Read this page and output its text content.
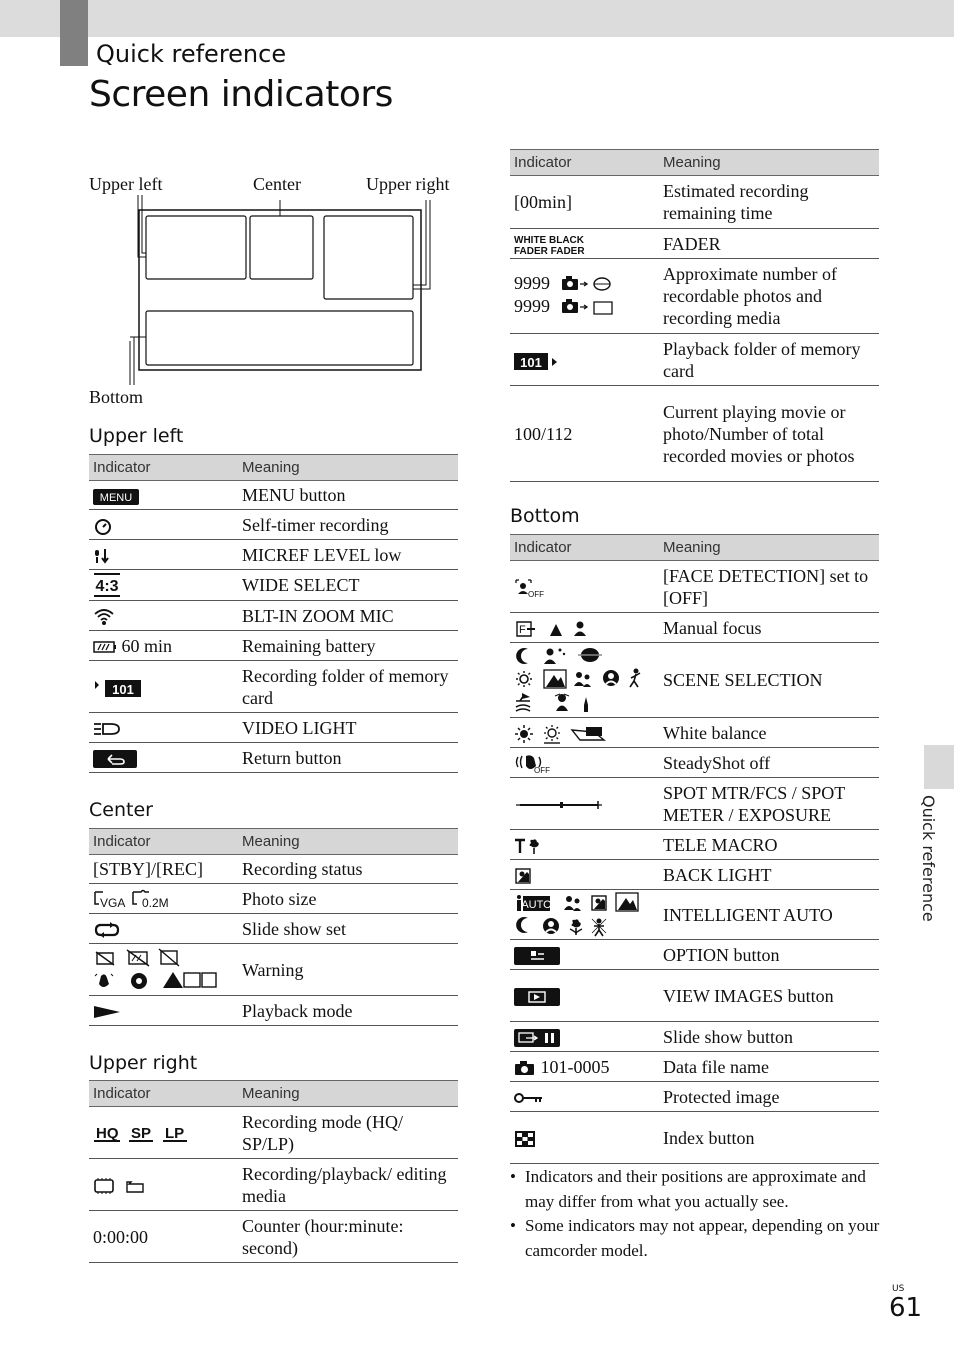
Quick reference
Screen indicators
Quick reference
US
61
Upper left	Center	Upper right
Bottom
Upper left
Indicator	Meaning

MENU	MENU button

	Self-timer recording

	MICREF LEVEL low

4:3	WIDE SELECT

	BLT-IN ZOOM MIC

60 min	Remaining battery

101	Recording folder of memory card

	VIDEO LIGHT

	Return button
Center
Indicator	Meaning
[STBY]/[REC]	Recording status

VGA 0.2M	Photo size

	Slide show set

	Warning

	Playback mode
Upper right
Indicator	Meaning

HQ SP LP	Recording mode (HQ/ SP/LP)

	Recording/playback/ editing media
0:00:00	Counter (hour:minute: second)
Indicator	Meaning
[00min]	Estimated recording remaining time

WHITE BLACK
FADER FADER	FADER

9999
9999	Approximate number of recordable photos and recording media

101	Playback folder of memory card
100/112	Current playing movie or photo/Number of total recorded movies or photos
Bottom
Indicator	Meaning

OFF	[FACE DETECTION] set to [OFF]

F	Manual focus

	SCENE SELECTION

	White balance

OFF	SteadyShot off

	SPOT MTR/FCS / SPOT METER / EXPOSURE

	TELE MACRO

	BACK LIGHT

AUTO	INTELLIGENT AUTO

	OPTION button

	VIEW IMAGES button

	Slide show button

101-0005	Data file name

	Protected image

	Index button
• Indicators and their positions are approximate and may differ from what you actually see.
• Some indicators may not appear, depending on your camcorder model.
